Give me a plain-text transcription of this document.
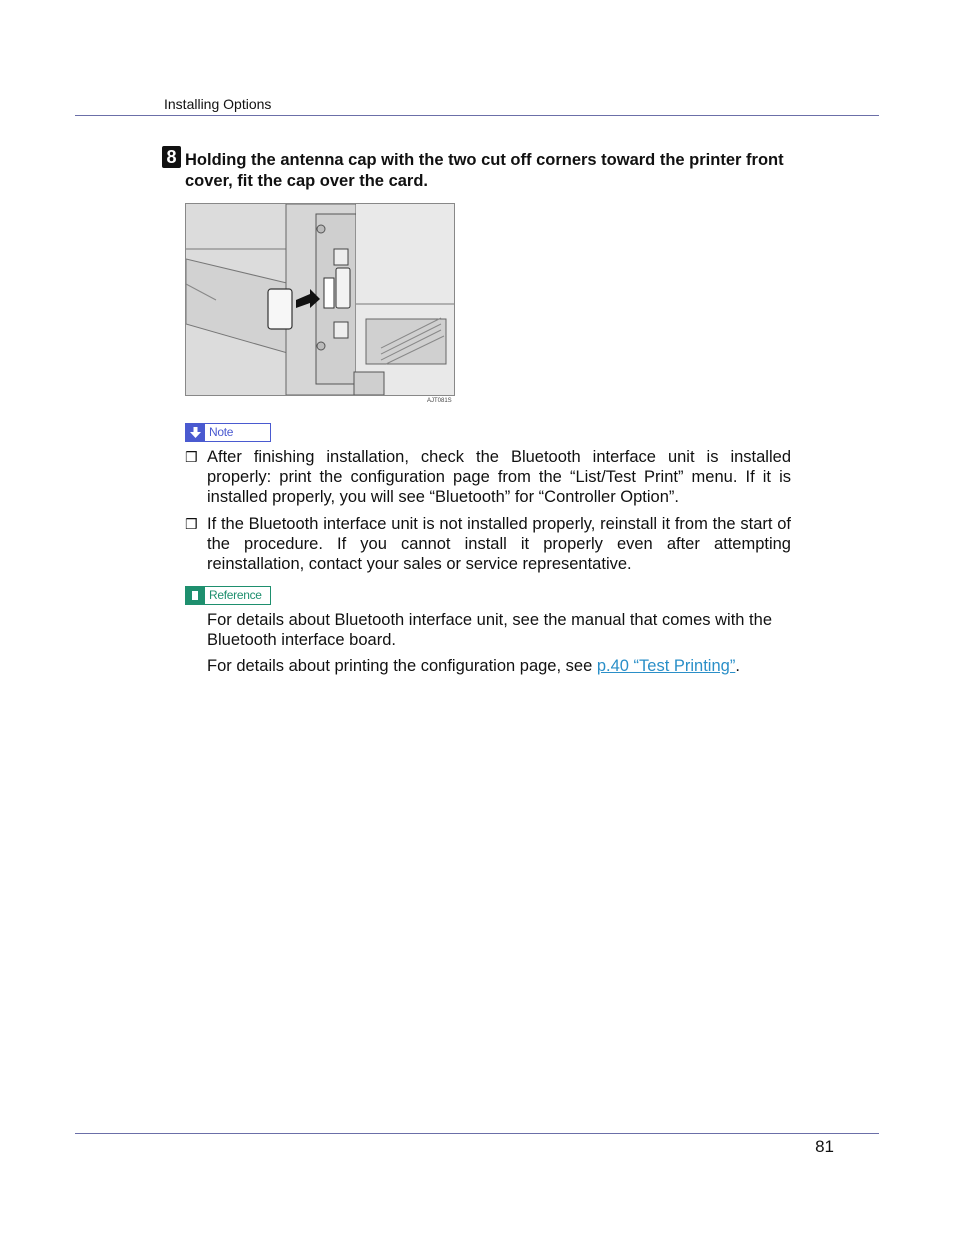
Installing Options
8 Holding the antenna cap with the two cut off corners toward the printer front cover, fit the cap over the card.
AJT081S
Note
❒ After finishing installation, check the Bluetooth interface unit is installed properly: print the configuration page from the “List/Test Print” menu. If it is installed properly, you will see “Bluetooth” for “Controller Option”.
❒ If the Bluetooth interface unit is not installed properly, reinstall it from the start of the procedure. If you cannot install it properly even after attempting reinstallation, contact your sales or service representative.
Reference
For details about Bluetooth interface unit, see the manual that comes with the Bluetooth interface board.
For details about printing the configuration page, see p.40 “Test Printing”.
81
